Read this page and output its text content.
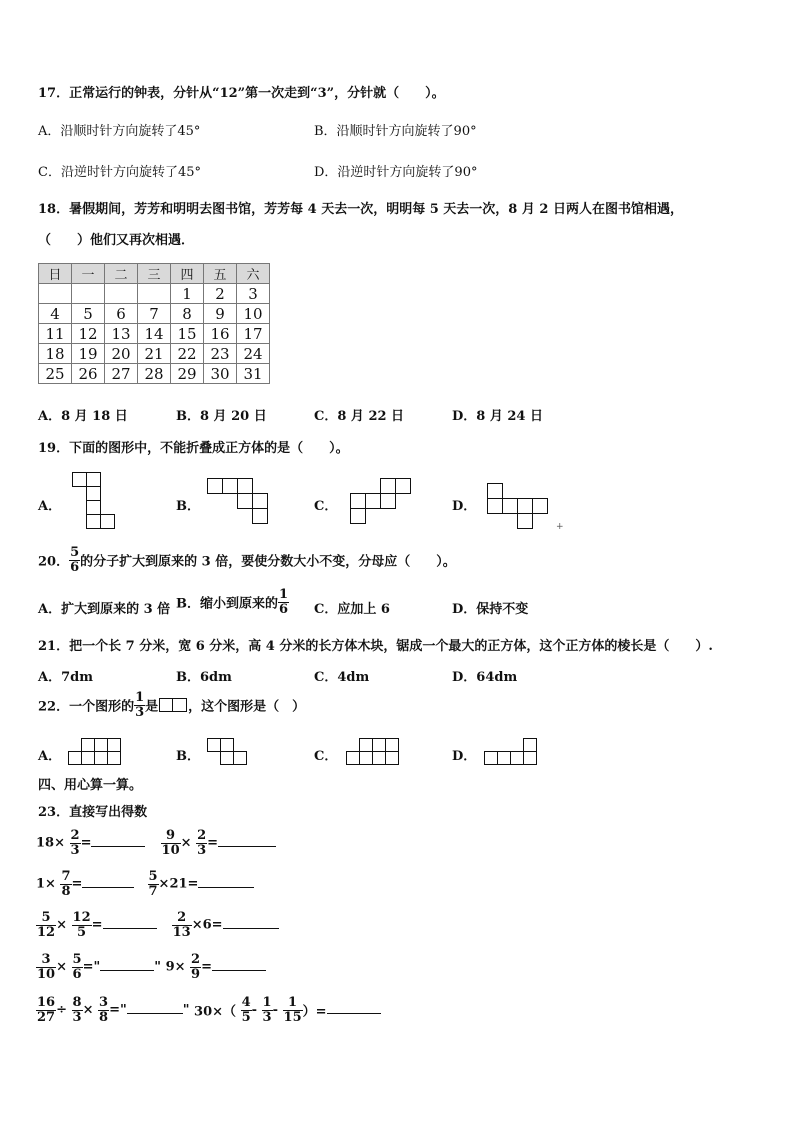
17．正常运行的钟表，分针从“12”第一次走到“3”，分针就（　　）。
A．沿顺时针方向旋转了45°	B．沿顺时针方向旋转了90°
C．沿逆时针方向旋转了45°	D．沿逆时针方向旋转了90°
18．暑假期间，芳芳和明明去图书馆，芳芳每 4 天去一次，明明每 5 天去一次，8 月 2 日两人在图书馆相遇，
（　　）他们又再次相遇．
日	一	二	三	四	五	六
				1	2	3
4	5	6	7	8	9	10
11	12	13	14	15	16	17
18	19	20	21	22	23	24
25	26	27	28	29	30	31
A．8 月 18 日	B．8 月 20 日	C．8 月 22 日	D．8 月 24 日
19．下面的图形中，不能折叠成正方体的是（　　）。
A．	B．	C．	D．
+
20． $\frac{5}{6}$ 的分子扩大到原来的 3 倍，要使分数大小不变，分母应（　　）。
A．扩大到原来的 3 倍 B．缩小到原来的 $\frac{1}{6}$ C．应加上 6	D．保持不变
21．把一个长 7 分米，宽 6 分米，高 4 分米的长方体木块，锯成一个最大的正方体，这个正方体的棱长是（　　）.
A．7dm	B．6dm	C．4dm	D．64dm
22．一个图形的 $\frac{1}{3}$ 是 ，这个图形是（　）
A．	B．	C．	D．
四、用心算一算。
23．直接写出得数
$18\times \frac{2}{3}$ =	$\frac{9}{10} \times \frac{2}{3}$ =
$1\times \frac{7}{8}$ =	$\frac{5}{7} \times 21=$
$\frac{5}{12} \times \frac{12}{5}$ =	$\frac{2}{13} \times 6=$
$\frac{3}{10} \times \frac{5}{6}$ ="	" $9\times \frac{2}{9}$ =
$\frac{16}{27} \div \frac{8}{3} \times \frac{3}{8}$ ="	" $30\times( \frac{4}{5} - \frac{1}{3} - \frac{1}{15}$ ）=
